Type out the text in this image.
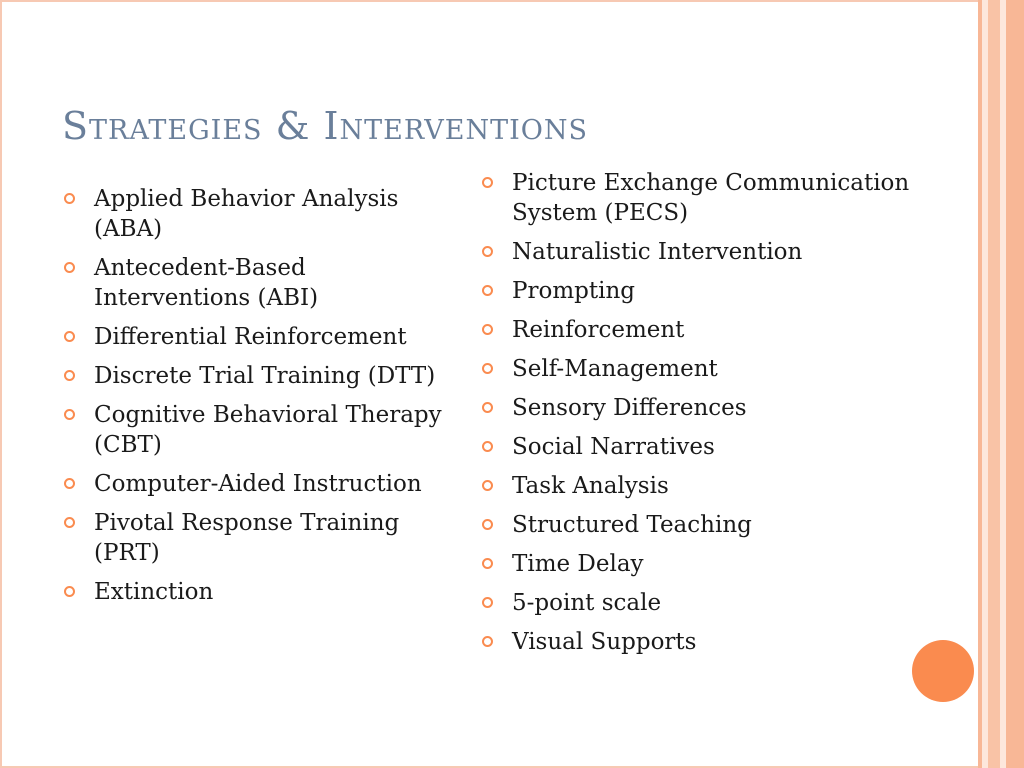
Strategies & Interventions
Applied Behavior Analysis (ABA)
Antecedent-Based Interventions (ABI)
Differential Reinforcement
Discrete Trial Training (DTT)
Cognitive Behavioral Therapy (CBT)
Computer-Aided Instruction
Pivotal Response Training (PRT)
Extinction
Picture Exchange Communication System (PECS)
Naturalistic Intervention
Prompting
Reinforcement
Self-Management
Sensory Differences
Social Narratives
Task Analysis
Structured Teaching
Time Delay
5-point scale
Visual Supports
